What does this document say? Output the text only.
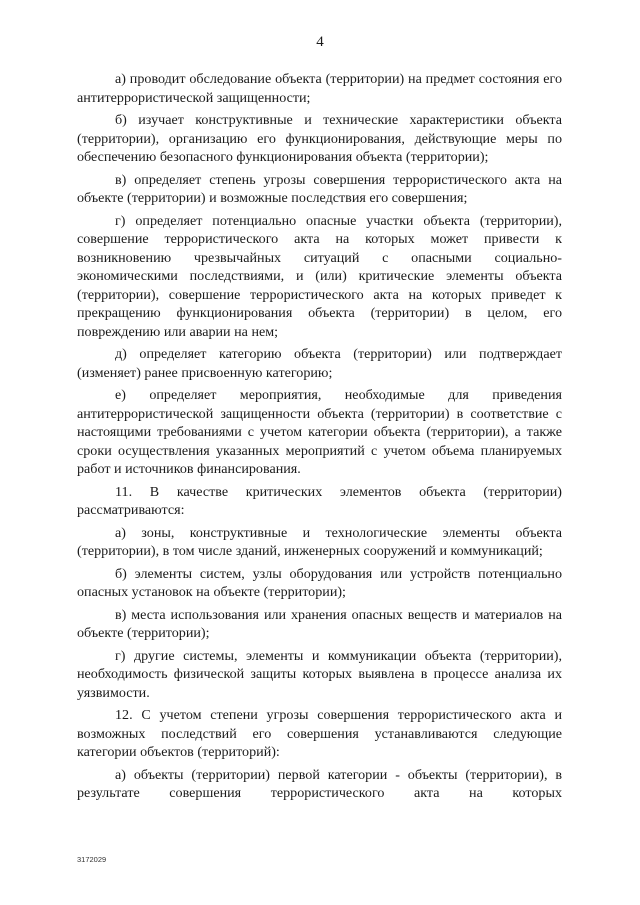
4

а) проводит обследование объекта (территории) на предмет состояния его антитеррористической защищенности;

б) изучает конструктивные и технические характеристики объекта (территории), организацию его функционирования, действующие меры по обеспечению безопасного функционирования объекта (территории);

в) определяет степень угрозы совершения террористического акта на объекте (территории) и возможные последствия его совершения;

г) определяет потенциально опасные участки объекта (территории), совершение террористического акта на которых может привести к возникновению чрезвычайных ситуаций с опасными социально-экономическими последствиями, и (или) критические элементы объекта (территории), совершение террористического акта на которых приведет к прекращению функционирования объекта (территории) в целом, его повреждению или аварии на нем;

д) определяет категорию объекта (территории) или подтверждает (изменяет) ранее присвоенную категорию;

е) определяет мероприятия, необходимые для приведения антитеррористической защищенности объекта (территории) в соответствие с настоящими требованиями с учетом категории объекта (территории), а также сроки осуществления указанных мероприятий с учетом объема планируемых работ и источников финансирования.

11. В качестве критических элементов объекта (территории) рассматриваются:

а) зоны, конструктивные и технологические элементы объекта (территории), в том числе зданий, инженерных сооружений и коммуникаций;

б) элементы систем, узлы оборудования или устройств потенциально опасных установок на объекте (территории);

в) места использования или хранения опасных веществ и материалов на объекте (территории);

г) другие системы, элементы и коммуникации объекта (территории), необходимость физической защиты которых выявлена в процессе анализа их уязвимости.

12. С учетом степени угрозы совершения террористического акта и возможных последствий его совершения устанавливаются следующие категории объектов (территорий):

а) объекты (территории) первой категории - объекты (территории), в результате совершения террористического акта на которых

3172029
